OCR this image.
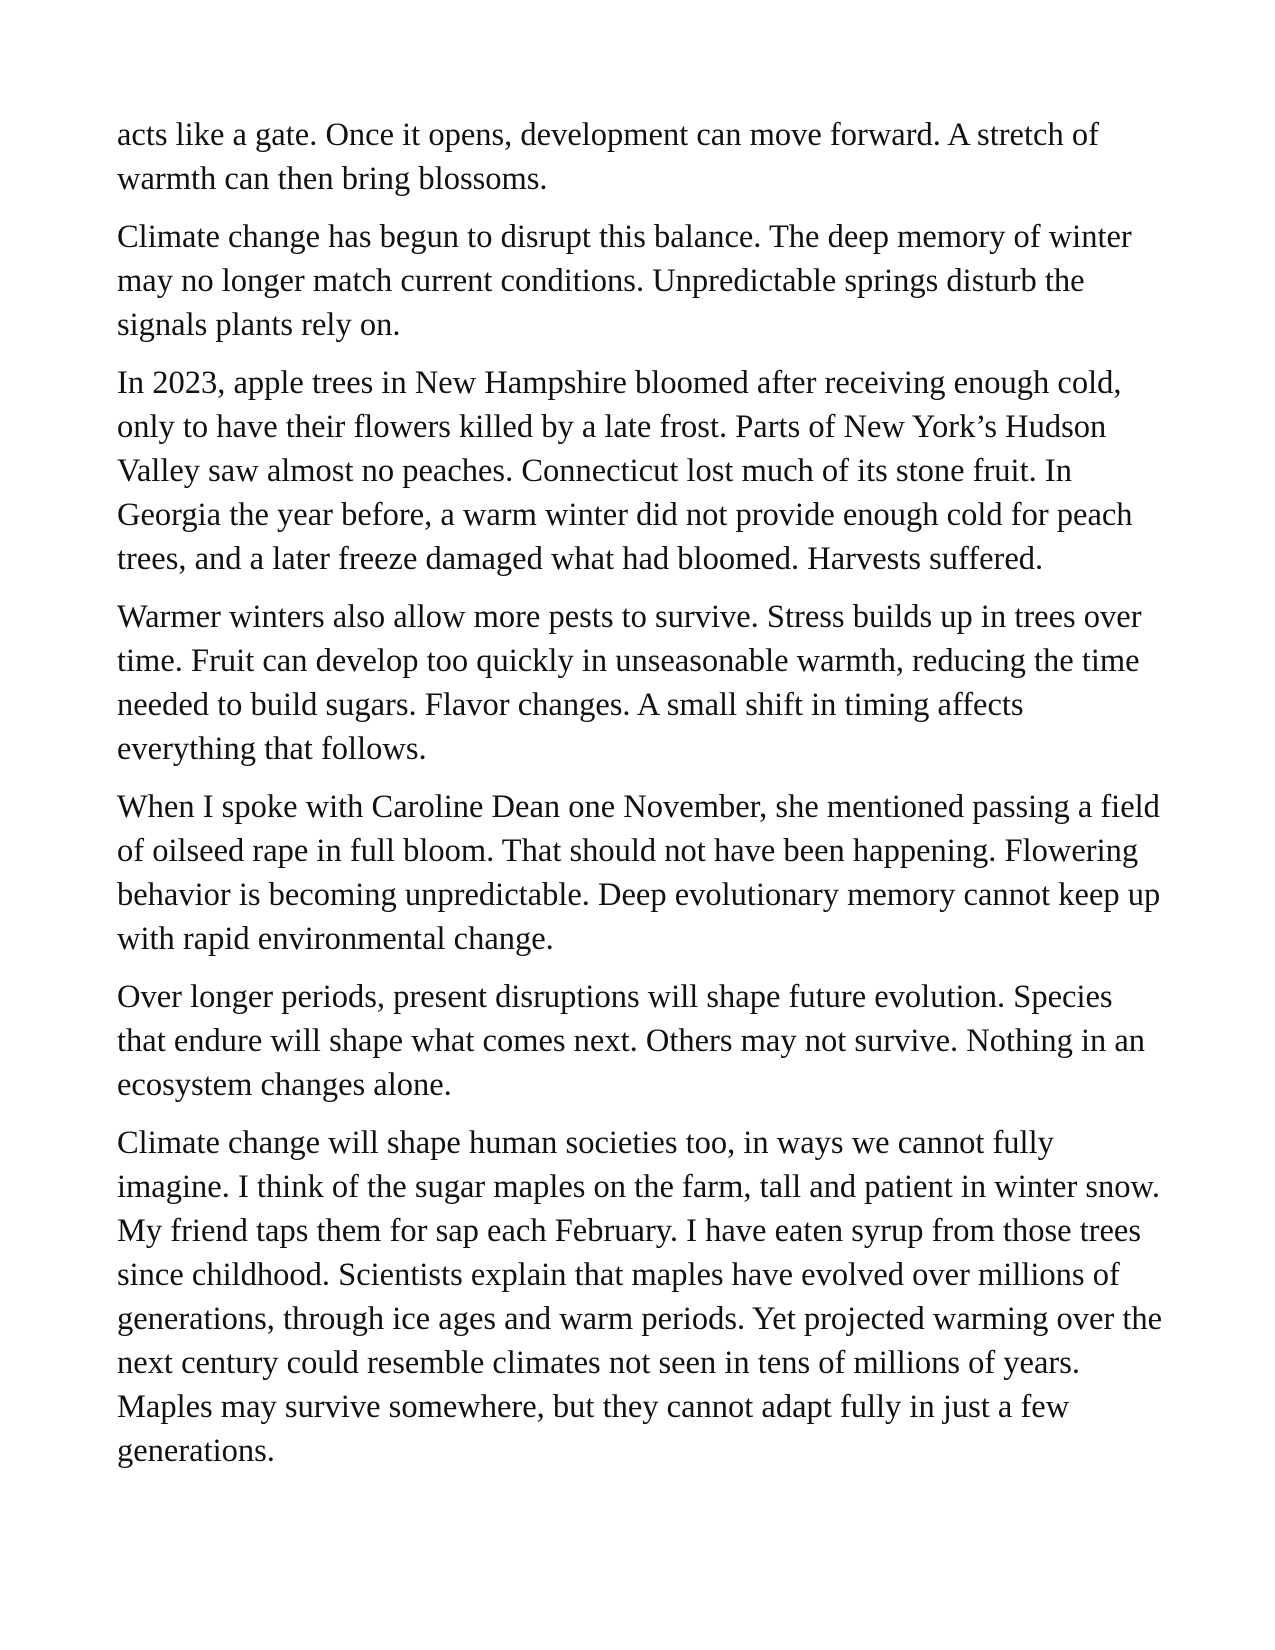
acts like a gate. Once it opens, development can move forward. A stretch of warmth can then bring blossoms.

Climate change has begun to disrupt this balance. The deep memory of winter may no longer match current conditions. Unpredictable springs disturb the signals plants rely on.

In 2023, apple trees in New Hampshire bloomed after receiving enough cold, only to have their flowers killed by a late frost. Parts of New York’s Hudson Valley saw almost no peaches. Connecticut lost much of its stone fruit. In Georgia the year before, a warm winter did not provide enough cold for peach trees, and a later freeze damaged what had bloomed. Harvests suffered.

Warmer winters also allow more pests to survive. Stress builds up in trees over time. Fruit can develop too quickly in unseasonable warmth, reducing the time needed to build sugars. Flavor changes. A small shift in timing affects everything that follows.

When I spoke with Caroline Dean one November, she mentioned passing a field of oilseed rape in full bloom. That should not have been happening. Flowering behavior is becoming unpredictable. Deep evolutionary memory cannot keep up with rapid environmental change.

Over longer periods, present disruptions will shape future evolution. Species that endure will shape what comes next. Others may not survive. Nothing in an ecosystem changes alone.

Climate change will shape human societies too, in ways we cannot fully imagine. I think of the sugar maples on the farm, tall and patient in winter snow. My friend taps them for sap each February. I have eaten syrup from those trees since childhood. Scientists explain that maples have evolved over millions of generations, through ice ages and warm periods. Yet projected warming over the next century could resemble climates not seen in tens of millions of years. Maples may survive somewhere, but they cannot adapt fully in just a few generations.
